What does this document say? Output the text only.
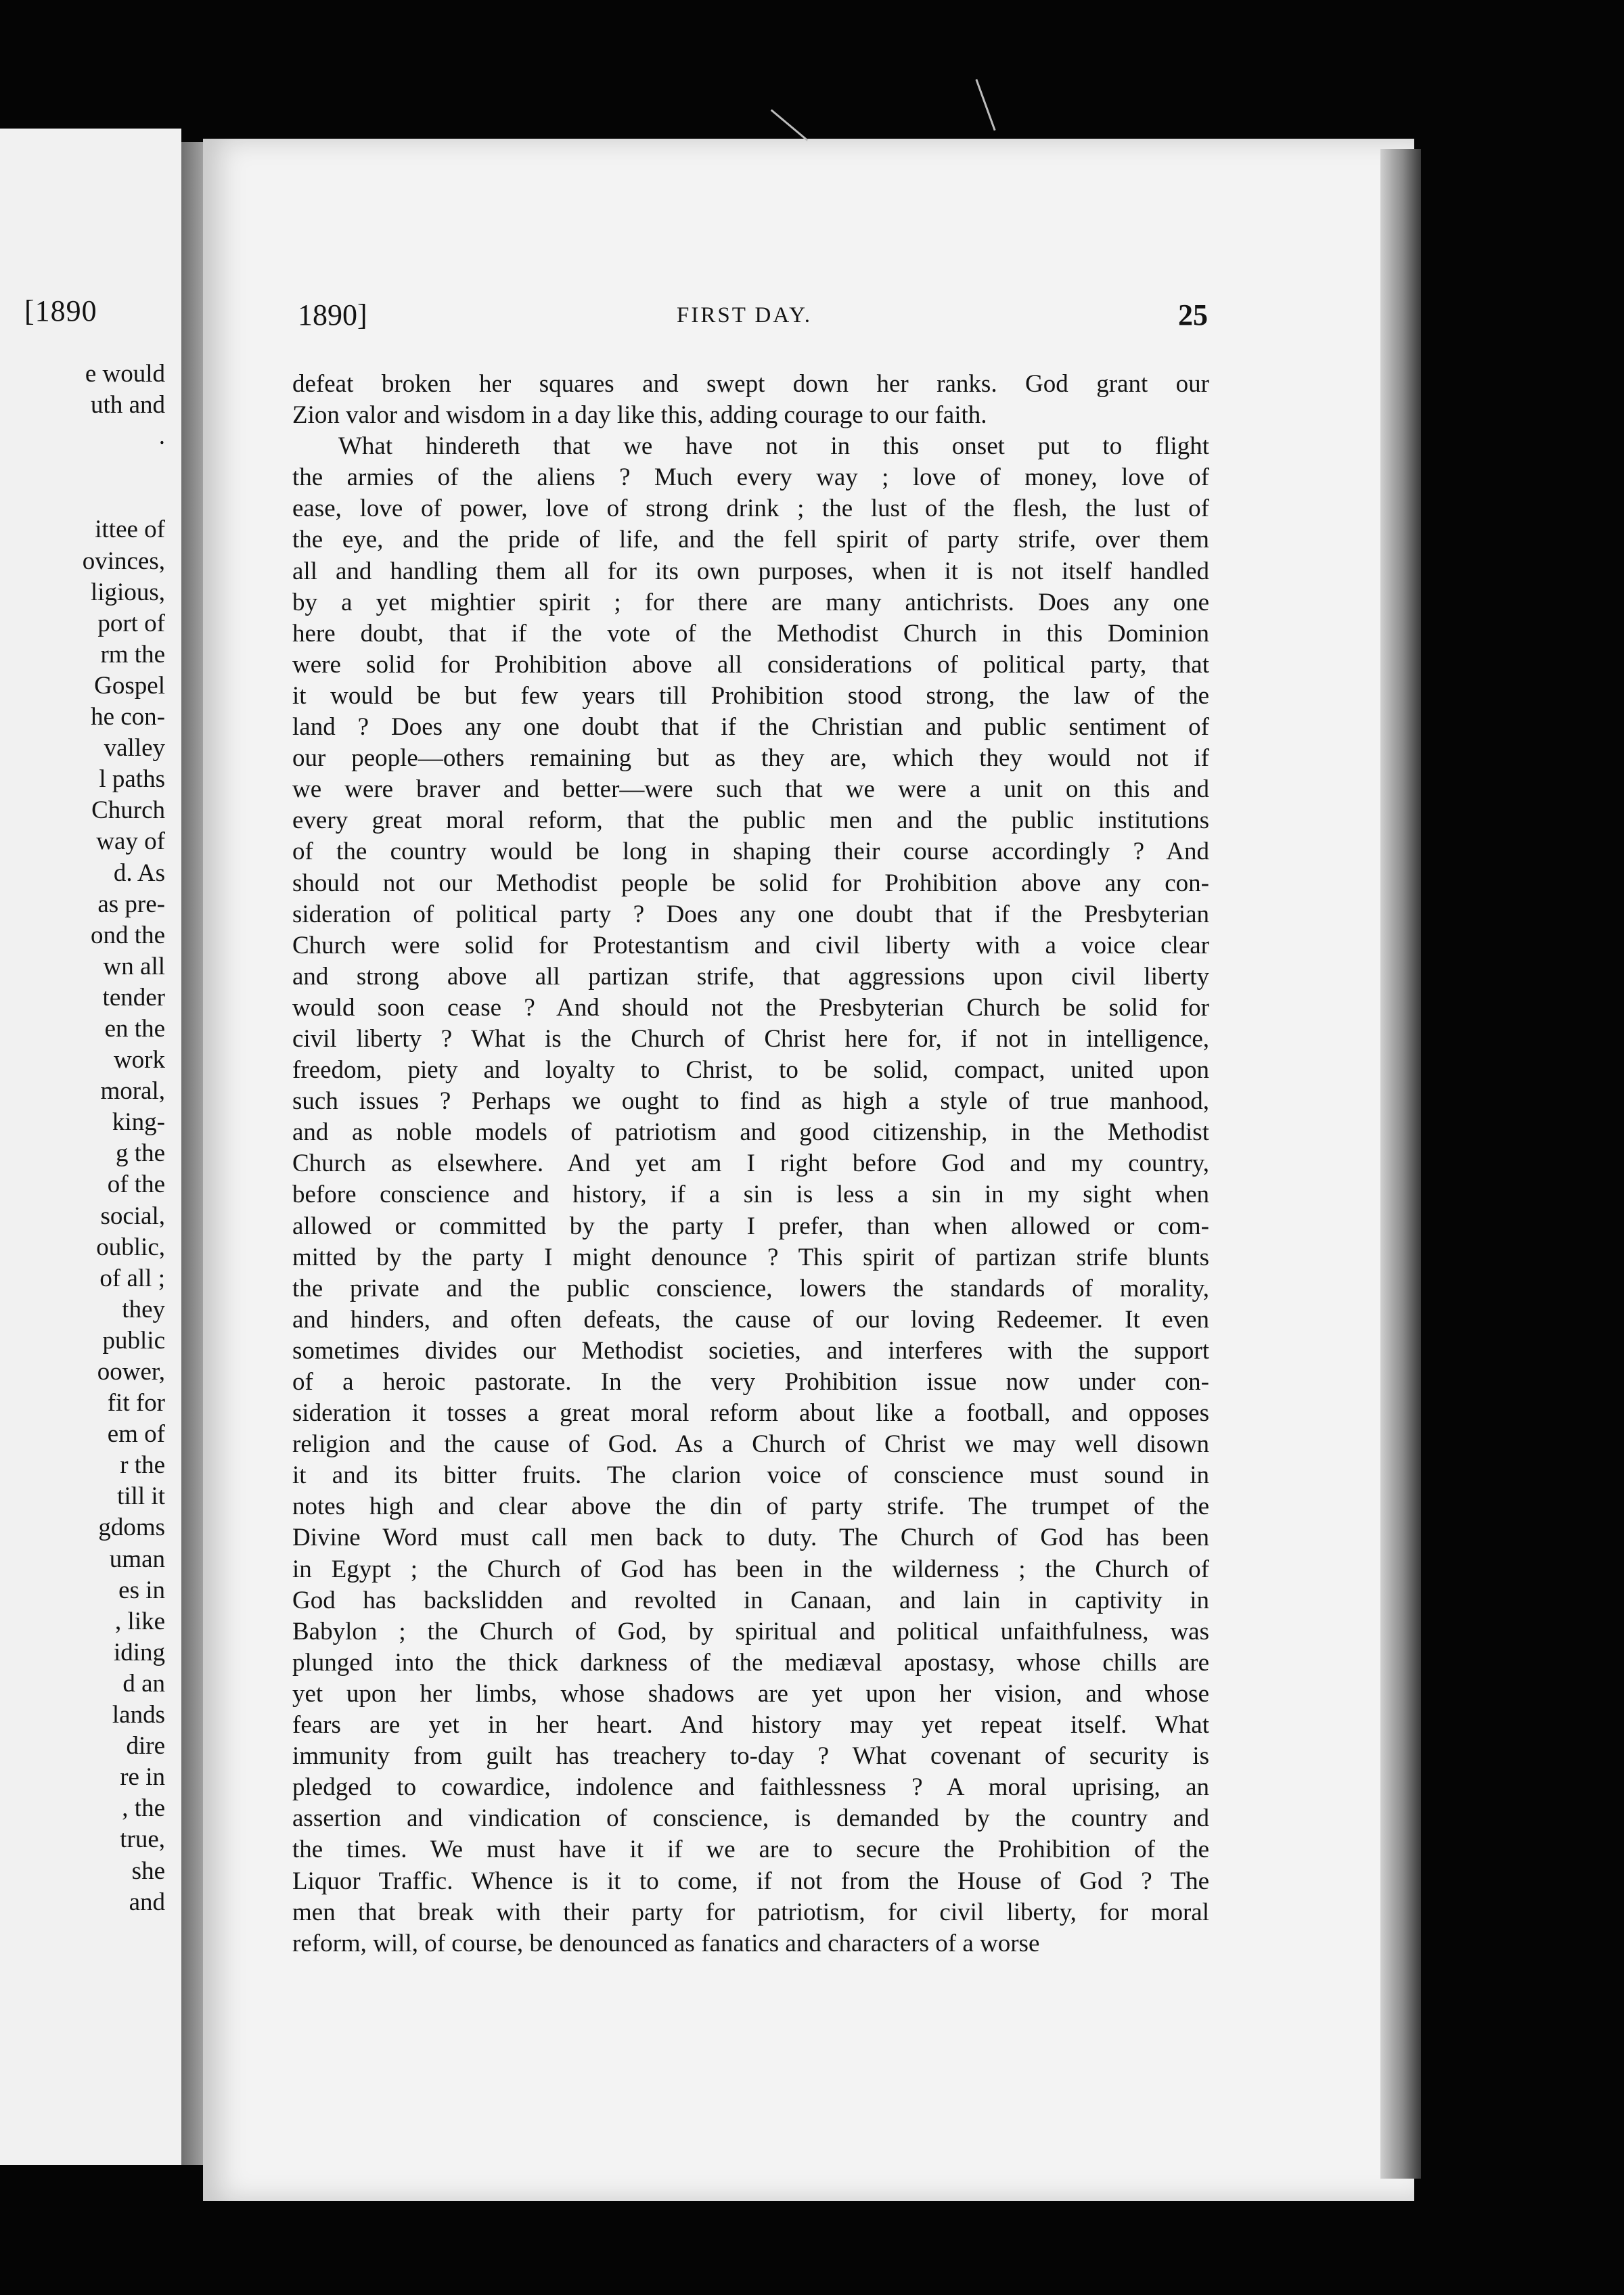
[1890
e would
uth and
.
ittee of
ovinces,
ligious,
port of
rm the
Gospel
he con-
valley
l paths
Church
way of
d. As
as pre-
ond the
wn all
tender
en the
work
moral,
king-
g the
of the
social,
oublic,
of all ;
they
public
oower,
fit for
em of
r the
till it
gdoms
uman
es in
, like
iding
d an
lands
dire
re in
, the
true,
she
and
1890]	FIRST DAY.	25
defeat broken her squares and swept down her ranks. God grant our
Zion valor and wisdom in a day like this, adding courage to our faith.
What hindereth that we have not in this onset put to flight
the armies of the aliens ? Much every way ; love of money, love of
ease, love of power, love of strong drink ; the lust of the flesh, the lust of
the eye, and the pride of life, and the fell spirit of party strife, over them
all and handling them all for its own purposes, when it is not itself handled
by a yet mightier spirit ; for there are many antichrists. Does any one
here doubt, that if the vote of the Methodist Church in this Dominion
were solid for Prohibition above all considerations of political party, that
it would be but few years till Prohibition stood strong, the law of the
land ? Does any one doubt that if the Christian and public sentiment of
our people—others remaining but as they are, which they would not if
we were braver and better—were such that we were a unit on this and
every great moral reform, that the public men and the public institutions
of the country would be long in shaping their course accordingly ? And
should not our Methodist people be solid for Prohibition above any con-
sideration of political party ? Does any one doubt that if the Presbyterian
Church were solid for Protestantism and civil liberty with a voice clear
and strong above all partizan strife, that aggressions upon civil liberty
would soon cease ? And should not the Presbyterian Church be solid for
civil liberty ? What is the Church of Christ here for, if not in intelligence,
freedom, piety and loyalty to Christ, to be solid, compact, united upon
such issues ? Perhaps we ought to find as high a style of true manhood,
and as noble models of patriotism and good citizenship, in the Methodist
Church as elsewhere. And yet am I right before God and my country,
before conscience and history, if a sin is less a sin in my sight when
allowed or committed by the party I prefer, than when allowed or com-
mitted by the party I might denounce ? This spirit of partizan strife blunts
the private and the public conscience, lowers the standards of morality,
and hinders, and often defeats, the cause of our loving Redeemer. It even
sometimes divides our Methodist societies, and interferes with the support
of a heroic pastorate. In the very Prohibition issue now under con-
sideration it tosses a great moral reform about like a football, and opposes
religion and the cause of God. As a Church of Christ we may well disown
it and its bitter fruits. The clarion voice of conscience must sound in
notes high and clear above the din of party strife. The trumpet of the
Divine Word must call men back to duty. The Church of God has been
in Egypt ; the Church of God has been in the wilderness ; the Church of
God has backslidden and revolted in Canaan, and lain in captivity in
Babylon ; the Church of God, by spiritual and political unfaithfulness, was
plunged into the thick darkness of the mediæval apostasy, whose chills are
yet upon her limbs, whose shadows are yet upon her vision, and whose
fears are yet in her heart. And history may yet repeat itself. What
immunity from guilt has treachery to-day ? What covenant of security is
pledged to cowardice, indolence and faithlessness ? A moral uprising, an
assertion and vindication of conscience, is demanded by the country and
the times. We must have it if we are to secure the Prohibition of the
Liquor Traffic. Whence is it to come, if not from the House of God ? The
men that break with their party for patriotism, for civil liberty, for moral
reform, will, of course, be denounced as fanatics and characters of a worse
